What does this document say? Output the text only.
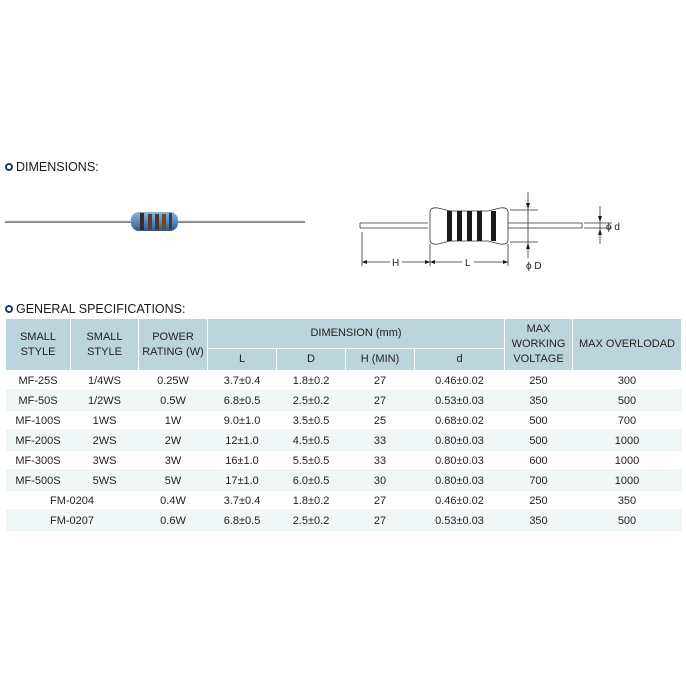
DIMENSIONS:
H	L
ϕ d
ϕ D
GENERAL SPECIFICATIONS:
SMALL STYLE	SMALL STYLE	POWER RATING (W)	DIMENSION (mm)				MAX WORKING VOLTAGE	MAX OVERLODAD
			L	D	H (MIN)	d		
MF-25S	1/4WS	0.25W	3.7±0.4	1.8±0.2	27	0.46±0.02	250	300
MF-50S	1/2WS	0.5W	6.8±0.5	2.5±0.2	27	0.53±0.03	350	500
MF-100S	1WS	1W	9.0±1.0	3.5±0.5	25	0.68±0.02	500	700
MF-200S	2WS	2W	12±1.0	4.5±0.5	33	0.80±0.03	500	1000
MF-300S	3WS	3W	16±1.0	5.5±0.5	33	0.80±0.03	600	1000
MF-500S	5WS	5W	17±1.0	6.0±0.5	30	0.80±0.03	700	1000
FM-0204		0.4W	3.7±0.4	1.8±0.2	27	0.46±0.02	250	350
FM-0207		0.6W	6.8±0.5	2.5±0.2	27	0.53±0.03	350	500
